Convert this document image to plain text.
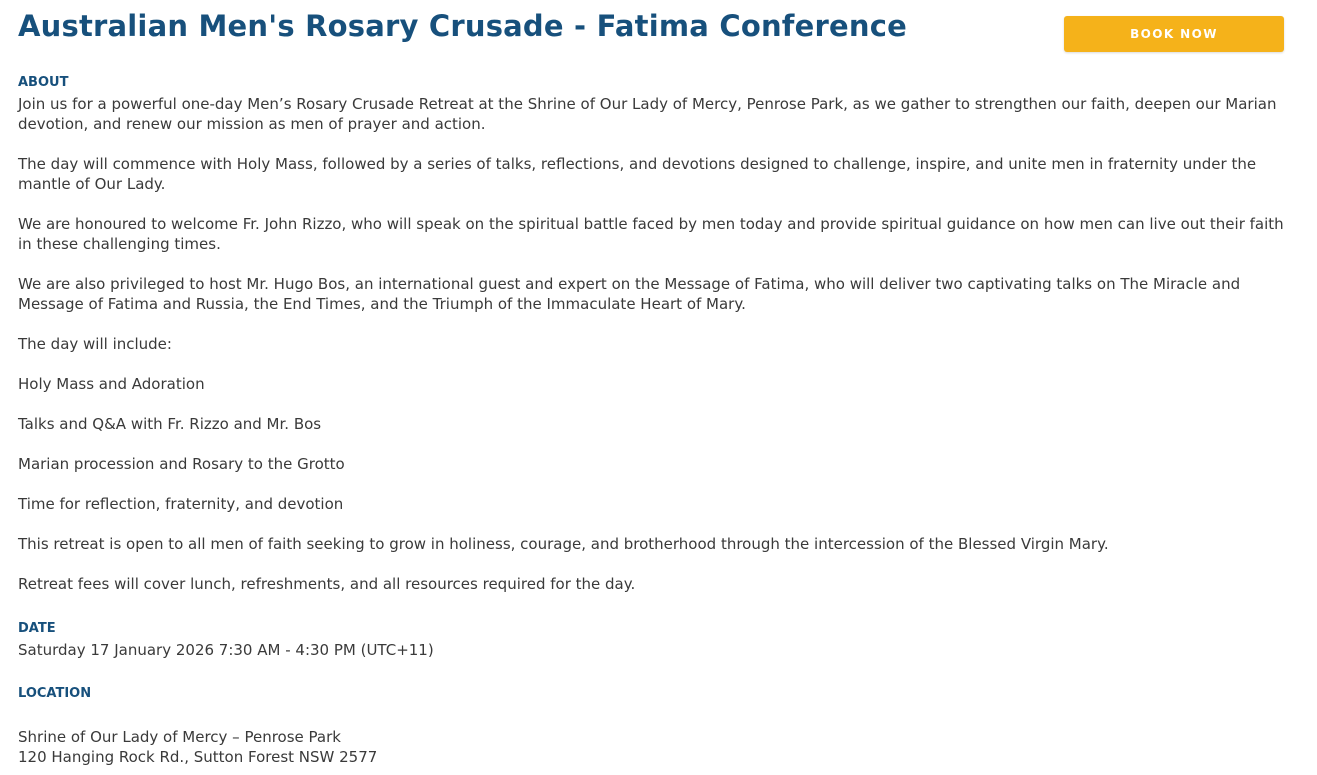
Australian Men's Rosary Crusade - Fatima Conference	BOOK NOW
ABOUT

Join us for a powerful one-day Men’s Rosary Crusade Retreat at the Shrine of Our Lady of Mercy, Penrose Park, as we gather to strengthen our faith, deepen our Marian devotion, and renew our mission as men of prayer and action.

The day will commence with Holy Mass, followed by a series of talks, reflections, and devotions designed to challenge, inspire, and unite men in fraternity under the mantle of Our Lady.

We are honoured to welcome Fr. John Rizzo, who will speak on the spiritual battle faced by men today and provide spiritual guidance on how men can live out their faith in these challenging times.

We are also privileged to host Mr. Hugo Bos, an international guest and expert on the Message of Fatima, who will deliver two captivating talks on The Miracle and Message of Fatima and Russia, the End Times, and the Triumph of the Immaculate Heart of Mary.

The day will include:

Holy Mass and Adoration

Talks and Q&A with Fr. Rizzo and Mr. Bos

Marian procession and Rosary to the Grotto

Time for reflection, fraternity, and devotion

This retreat is open to all men of faith seeking to grow in holiness, courage, and brotherhood through the intercession of the Blessed Virgin Mary.

Retreat fees will cover lunch, refreshments, and all resources required for the day.

DATE

Saturday 17 January 2026 7:30 AM - 4:30 PM (UTC+11)

LOCATION

Shrine of Our Lady of Mercy – Penrose Park

120 Hanging Rock Rd., Sutton Forest NSW 2577
